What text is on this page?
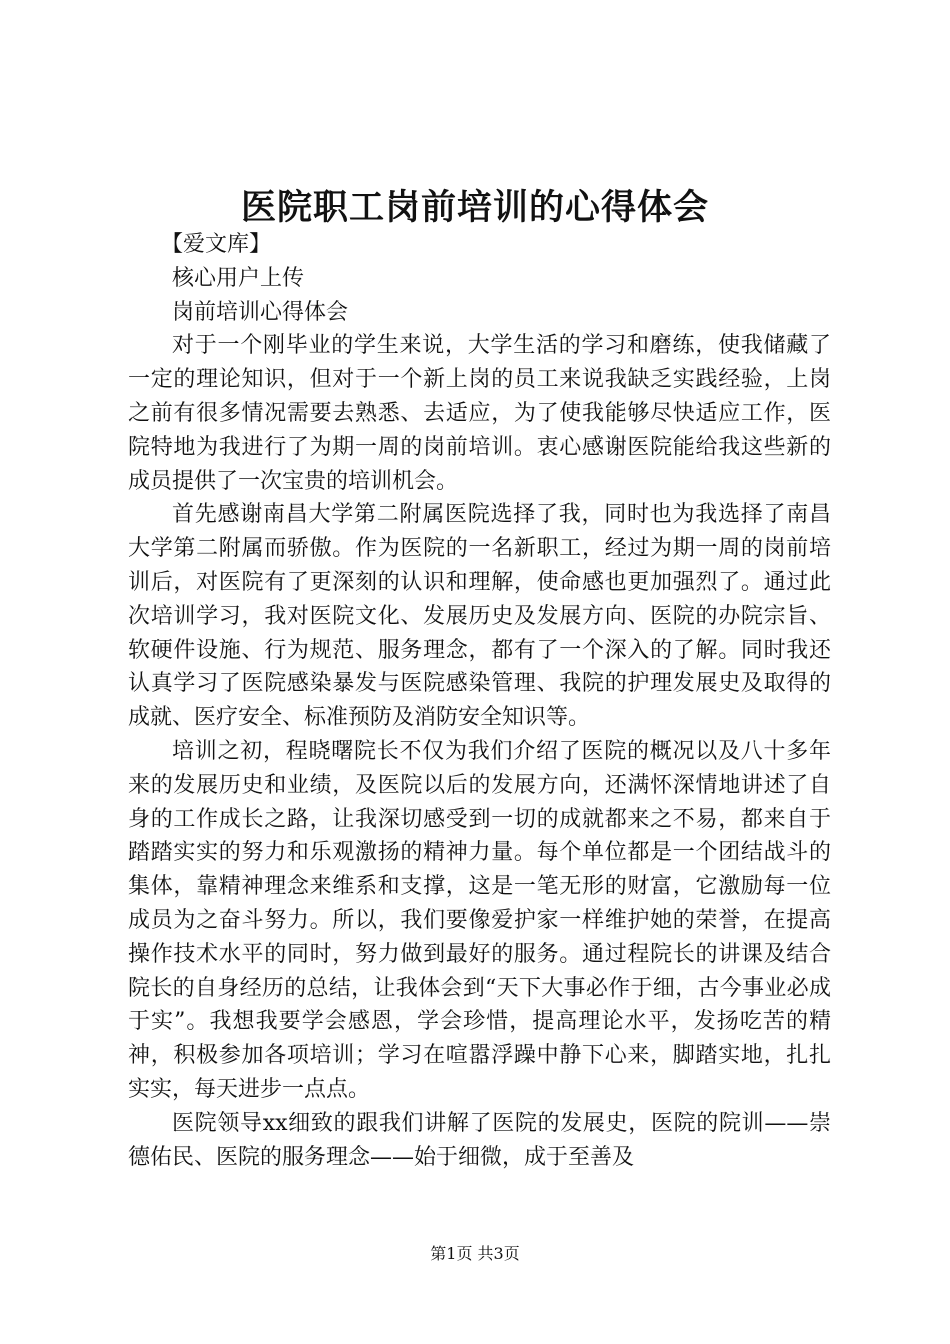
医院职工岗前培训的心得体会

【爱文库】

核心用户上传

岗前培训心得体会

对于一个刚毕业的学生来说，大学生活的学习和磨练，使我储藏了一定的理论知识，但对于一个新上岗的员工来说我缺乏实践经验，上岗之前有很多情况需要去熟悉、去适应，为了使我能够尽快适应工作，医院特地为我进行了为期一周的岗前培训。衷心感谢医院能给我这些新的成员提供了一次宝贵的培训机会。

首先感谢南昌大学第二附属医院选择了我，同时也为我选择了南昌大学第二附属而骄傲。作为医院的一名新职工，经过为期一周的岗前培训后，对医院有了更深刻的认识和理解，使命感也更加强烈了。通过此次培训学习，我对医院文化、发展历史及发展方向、医院的办院宗旨、软硬件设施、行为规范、服务理念，都有了一个深入的了解。同时我还认真学习了医院感染暴发与医院感染管理、我院的护理发展史及取得的成就、医疗安全、标准预防及消防安全知识等。

培训之初，程晓曙院长不仅为我们介绍了医院的概况以及八十多年来的发展历史和业绩，及医院以后的发展方向，还满怀深情地讲述了自身的工作成长之路，让我深切感受到一切的成就都来之不易，都来自于踏踏实实的努力和乐观激扬的精神力量。每个单位都是一个团结战斗的集体，靠精神理念来维系和支撑，这是一笔无形的财富，它激励每一位成员为之奋斗努力。所以，我们要像爱护家一样维护她的荣誉，在提高操作技术水平的同时，努力做到最好的服务。通过程院长的讲课及结合院长的自身经历的总结，让我体会到“天下大事必作于细，古今事业必成于实”。我想我要学会感恩，学会珍惜，提高理论水平，发扬吃苦的精神，积极参加各项培训；学习在喧嚣浮躁中静下心来，脚踏实地，扎扎实实，每天进步一点点。

医院领导xx细致的跟我们讲解了医院的发展史，医院的院训——崇德佑民、医院的服务理念——始于细微，成于至善及

第1页 共3页
